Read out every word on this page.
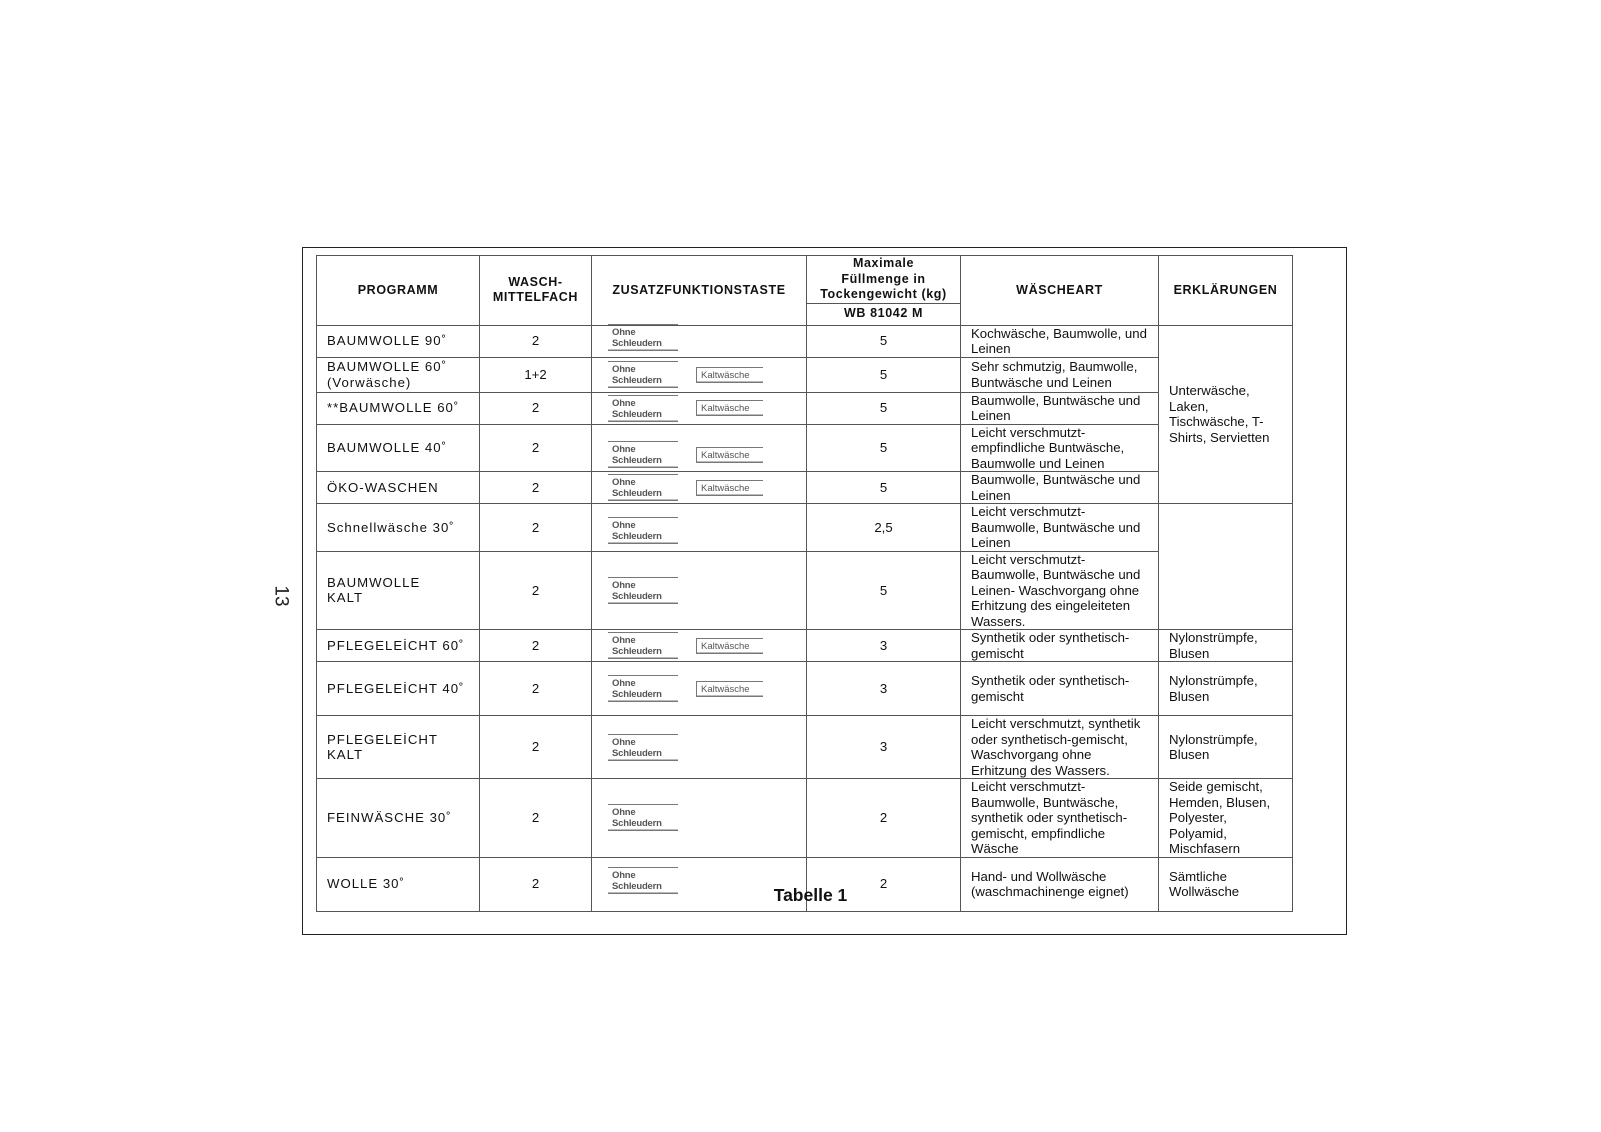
13
PROGRAMM	WASCH-
MITTELFACH	ZUSATZFUNKTIONSTASTE	Maximale Füllmenge in Tockengewicht (kg)	WÄSCHEART	ERKLÄRUNGEN
			WB 81042 M		
BAUMWOLLE 90˚	2	Ohne Schleudern	5	Kochwäsche, Baumwolle, und Leinen	Unterwäsche, Laken, Tischwäsche, T-Shirts, Servietten
BAUMWOLLE 60˚
(Vorwäsche)	1+2	Ohne Schleudern Kaltwäsche	5	Sehr schmutzig, Baumwolle, Buntwäsche und Leinen	
**BAUMWOLLE 60˚	2	Ohne Schleudern Kaltwäsche	5	Baumwolle, Buntwäsche und Leinen	
BAUMWOLLE 40˚	2	Ohne Schleudern Kaltwäsche	5	Leicht verschmutzt- empfindliche Buntwäsche, Baumwolle und Leinen	
ÖKO-WASCHEN	2	Ohne Schleudern Kaltwäsche	5	Baumwolle, Buntwäsche und Leinen	
Schnellwäsche 30˚	2	Ohne Schleudern	2,5	Leicht verschmutzt- Baumwolle, Buntwäsche und Leinen	
BAUMWOLLE
KALT	2	Ohne Schleudern	5	Leicht verschmutzt- Baumwolle, Buntwäsche und Leinen- Waschvorgang ohne Erhitzung des eingeleiteten Wassers.	
PFLEGELEİCHT 60˚	2	Ohne Schleudern Kaltwäsche	3	Synthetik oder synthetisch-gemischt	Nylonstrümpfe, Blusen
PFLEGELEİCHT 40˚	2	Ohne Schleudern Kaltwäsche	3	Synthetik oder synthetisch-gemischt	Nylonstrümpfe, Blusen
PFLEGELEİCHT
KALT	2	Ohne Schleudern	3	Leicht verschmutzt, synthetik oder synthetisch-gemischt, Waschvorgang ohne Erhitzung des Wassers.	Nylonstrümpfe, Blusen
FEINWÄSCHE 30˚	2	Ohne Schleudern	2	Leicht verschmutzt- Baumwolle, Buntwäsche, synthetik oder synthetisch-gemischt, empfindliche Wäsche	Seide gemischt, Hemden, Blusen, Polyester, Polyamid, Mischfasern
WOLLE 30˚	2	Ohne Schleudern	2	Hand- und Wollwäsche (waschmachinenge eignet)	Sämtliche Wollwäsche
Tabelle 1
